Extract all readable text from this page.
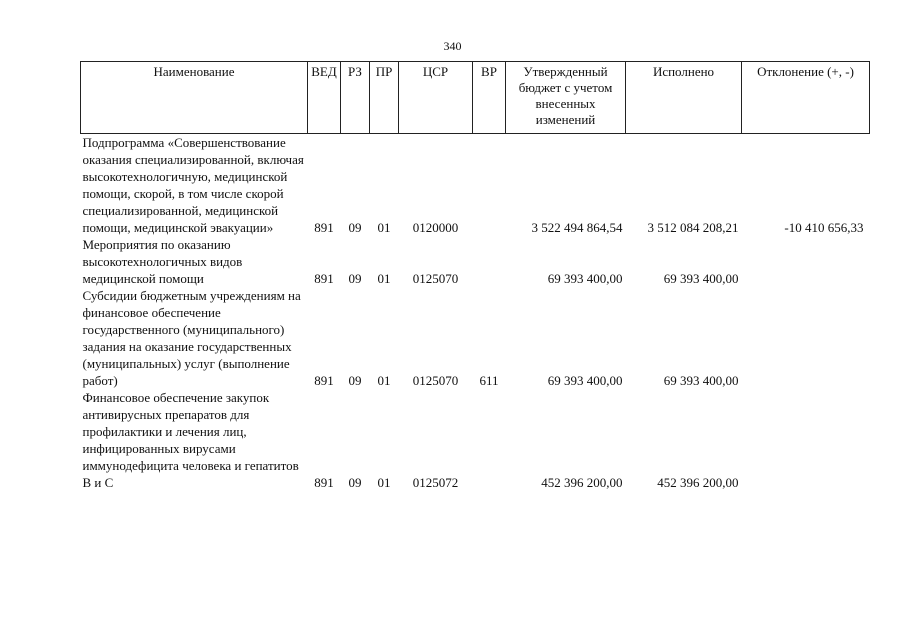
340
Наименование	ВЕД	РЗ	ПР	ЦСР	ВР	Утвержденный бюджет с учетом внесенных изменений	Исполнено	Отклонение (+, -)
Подпрограмма «Совершенствование оказания специализированной, включая высокотехнологичную, медицинской помощи, скорой, в том числе скорой специализированной, медицинской помощи, медицинской эвакуации»	891	09	01	0120000		3 522 494 864,54	3 512 084 208,21	-10 410 656,33
Мероприятия по оказанию высокотехнологичных видов медицинской помощи	891	09	01	0125070		69 393 400,00	69 393 400,00	
Субсидии бюджетным учреждениям на финансовое обеспечение государственного (муниципального) задания на оказание государственных (муниципальных) услуг (выполнение работ)	891	09	01	0125070	611	69 393 400,00	69 393 400,00	
Финансовое обеспечение закупок антивирусных препаратов для профилактики и лечения лиц, инфицированных вирусами иммунодефицита человека и гепатитов В и С	891	09	01	0125072		452 396 200,00	452 396 200,00	
